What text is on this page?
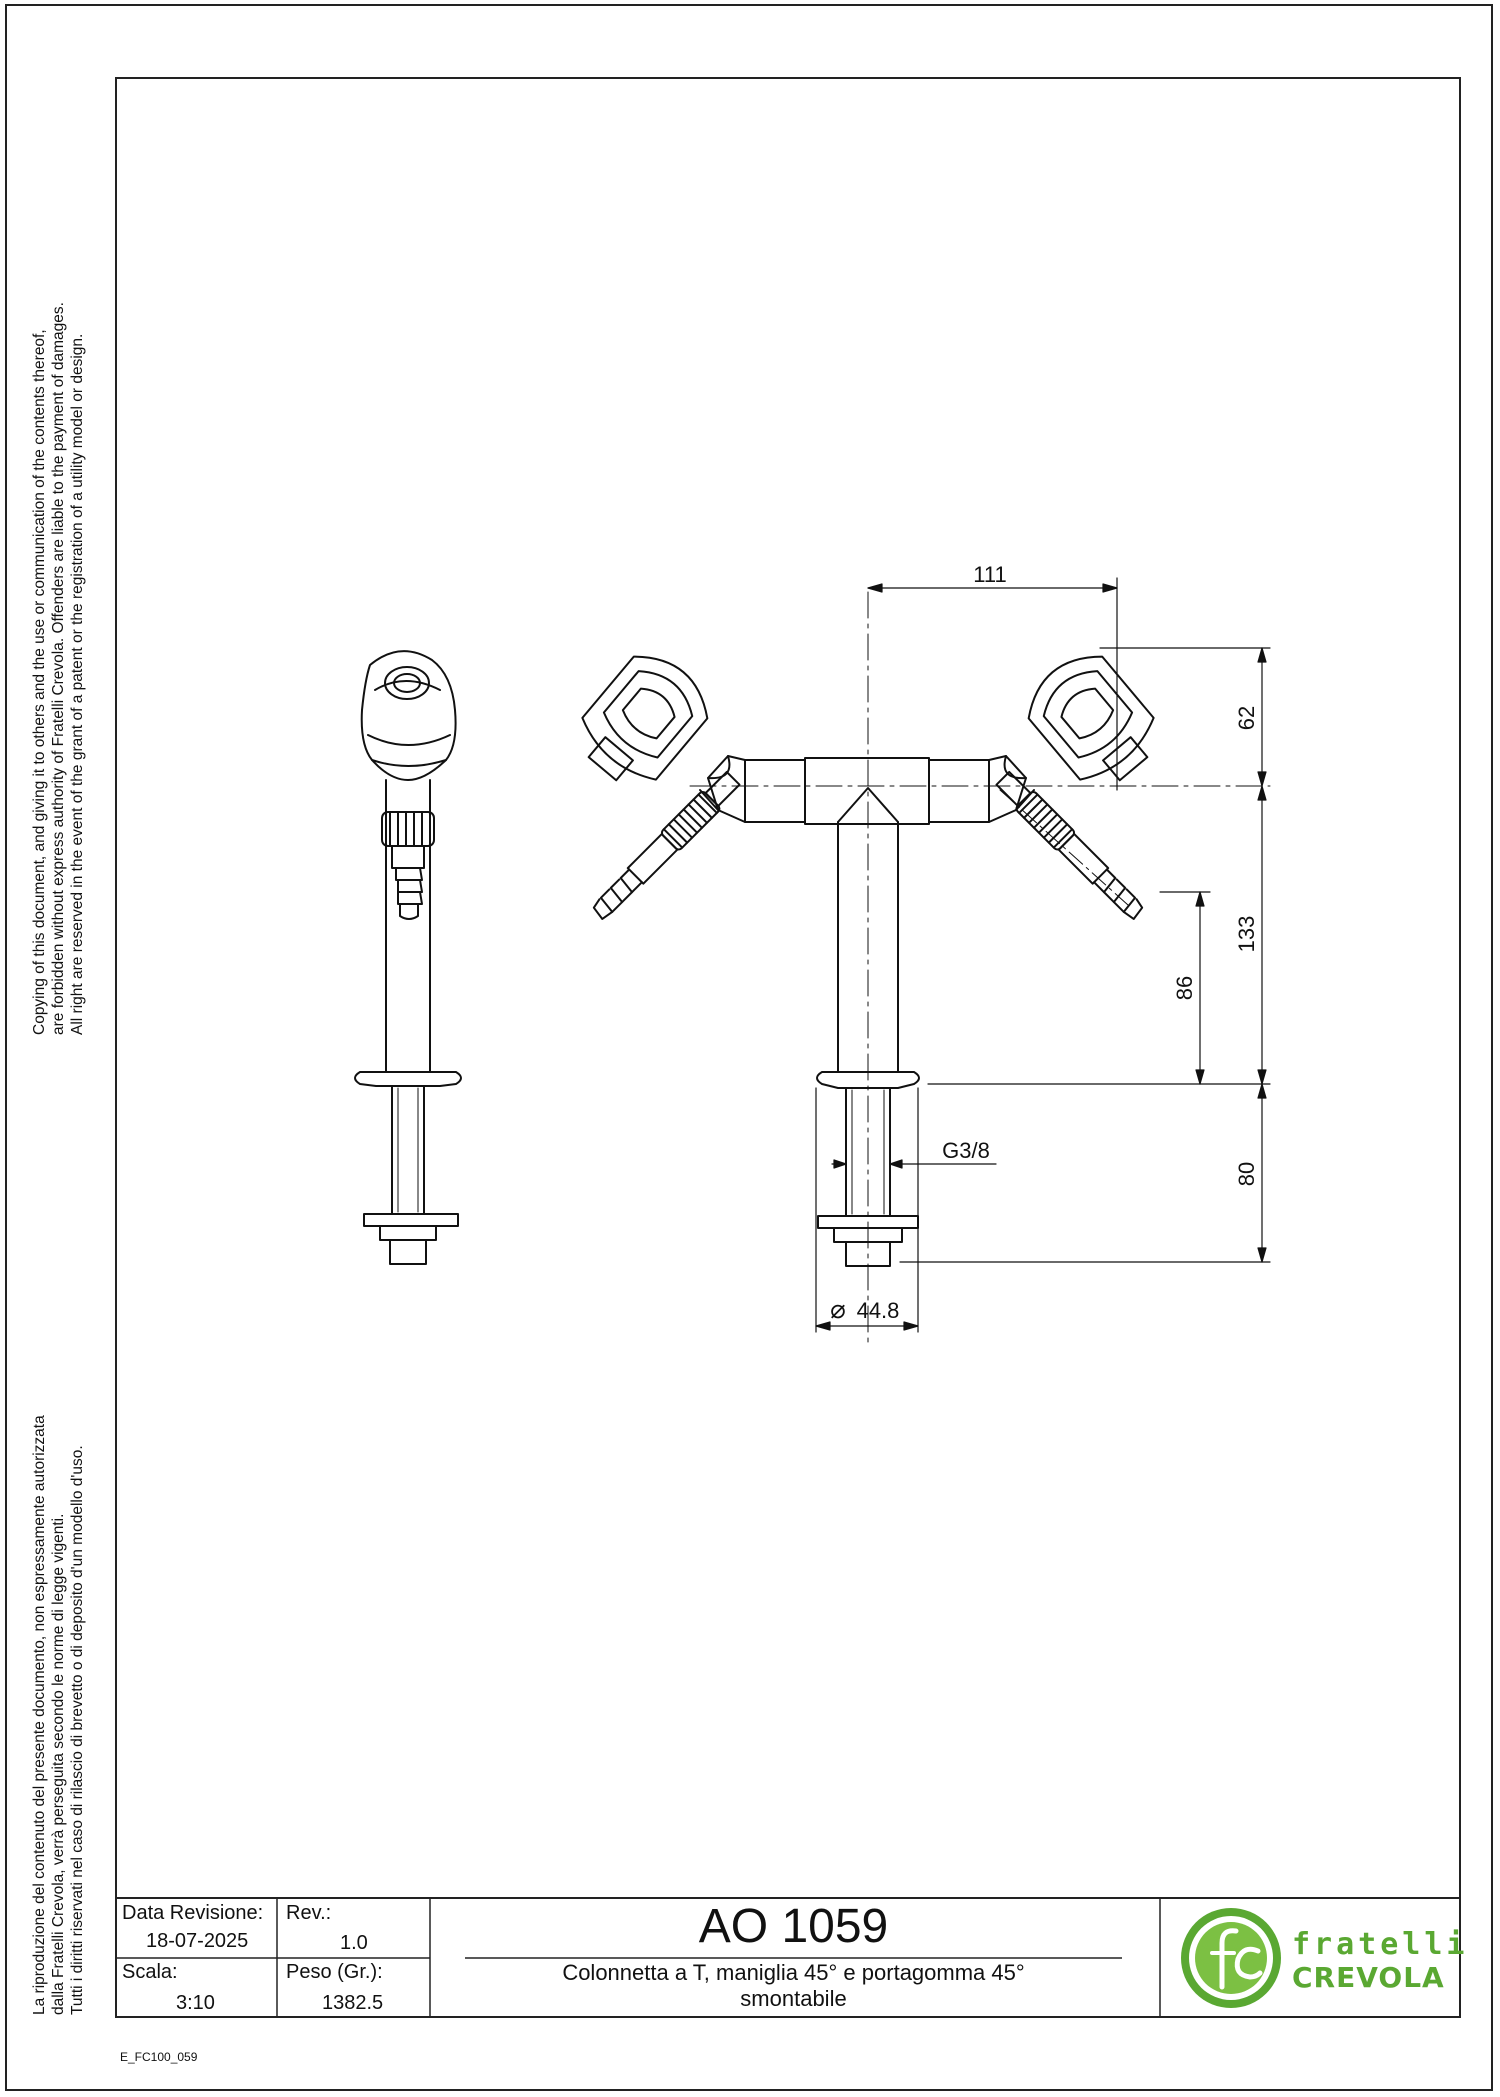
Copying of this document, and giving it to others and the use or communication of the contents thereof, are forbidden without express authority of Fratelli Crevola. Offenders are liable to the payment of damages. All right are reserved in the event of the grant of a patent or the registration of a utility model or design.
La riproduzione del contenuto del presente documento, non espressamente autorizzata dalla Fratelli Crevola, verrà perseguita secondo le norme di legge vigenti. Tutti i diritti riservati nel caso di rilascio di brevetto o di deposito d'un modello d'uso.
111
62
133
86
80
G3/8
⌀ 44.8
Data Revisione:
18-07-2025
Rev.:
1.0
Scala:
3:10
Peso (Gr.):
1382.5
AO 1059
Colonnetta a T, maniglia 45° e portagomma 45°
smontabile
fratelli
CREVOLA
E_FC100_059
